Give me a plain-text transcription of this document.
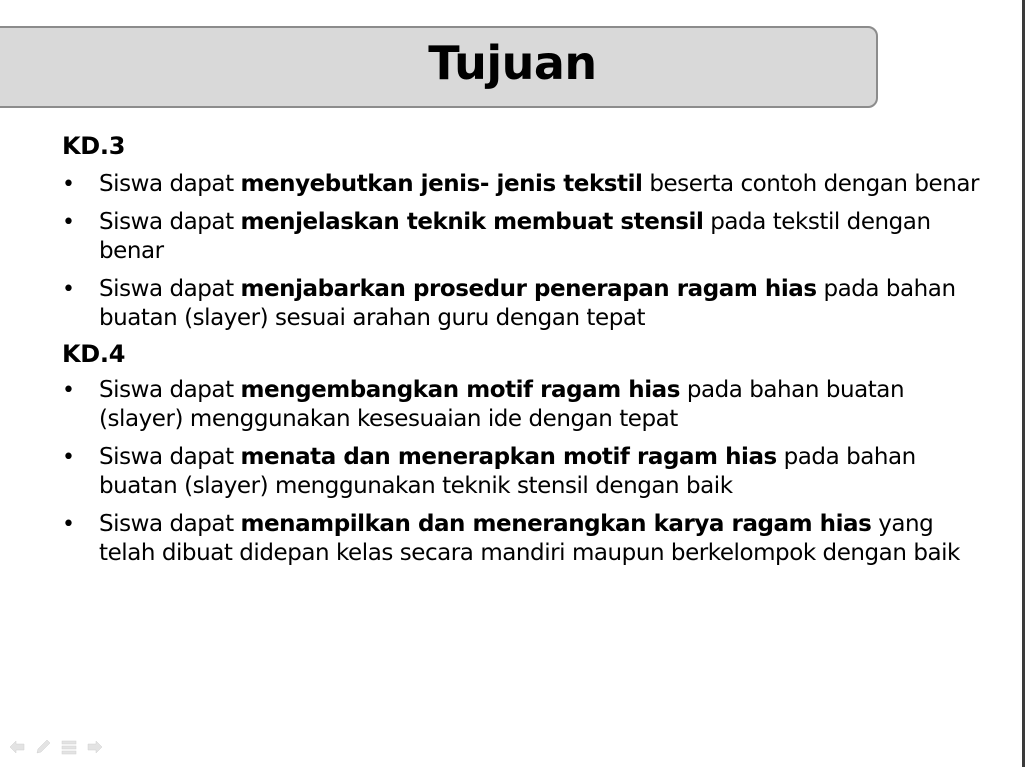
Tujuan
KD.3
•	Siswa dapat menyebutkan jenis- jenis tekstil beserta contoh dengan benar
•	Siswa dapat menjelaskan teknik membuat stensil pada tekstil dengan benar
•	Siswa dapat menjabarkan prosedur penerapan ragam hias pada bahan buatan (slayer) sesuai arahan guru dengan tepat
KD.4
•	Siswa dapat mengembangkan motif ragam hias pada bahan buatan (slayer) menggunakan kesesuaian ide dengan tepat
•	Siswa dapat menata dan menerapkan motif ragam hias pada bahan buatan (slayer) menggunakan teknik stensil dengan baik
•	Siswa dapat menampilkan dan menerangkan karya ragam hias yang telah dibuat didepan kelas secara mandiri maupun berkelompok dengan baik
